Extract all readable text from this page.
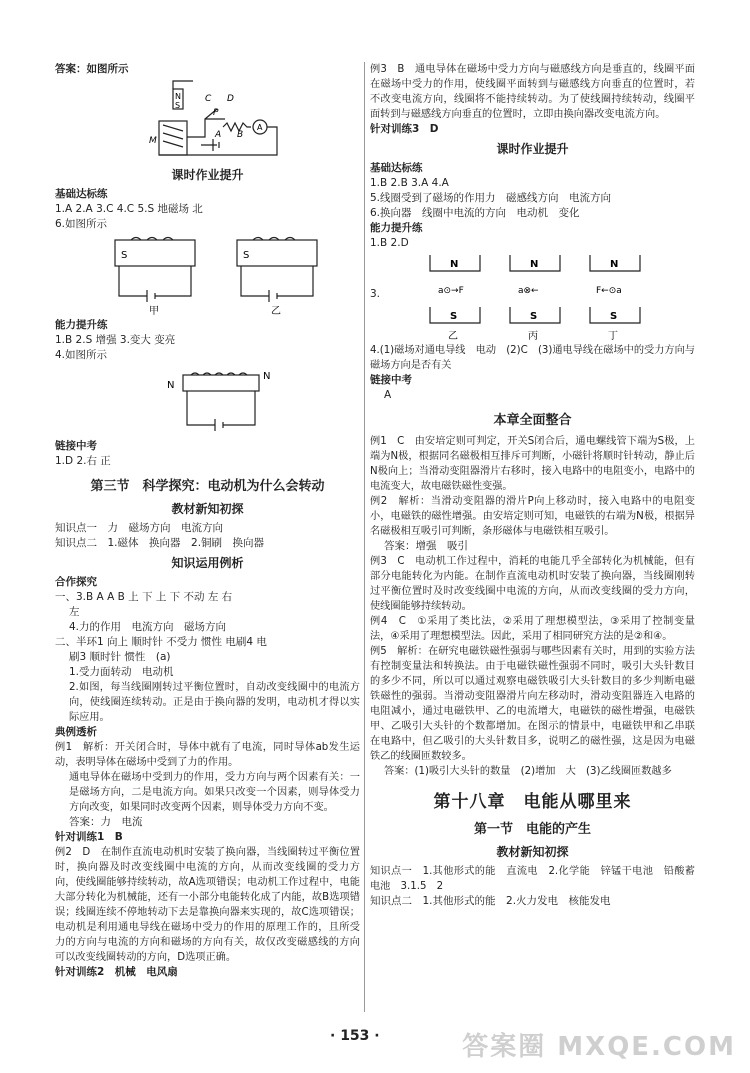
答案：如图所示

N
S
C D
P
A B
M
A

课时作业提升

基础达标练

1.A 2.A 3.C 4.C 5.S 地磁场 北

6.如图所示

S	S
甲	乙

能力提升练

1.B 2.S 增强 3.变大 变亮

4.如图所示

N
N

链接中考

1.D 2.右 正

第三节　科学探究：电动机为什么会转动

教材新知初探

知识点一　力　磁场方向　电流方向

知识点二　1.磁体　换向器　2.铜刷　换向器

知识运用例析

合作探究

一、3.B A A B 上 下 上 下 不动 左 右

左

4.力的作用　电流方向　磁场方向

二、半环1 向上 顺时针 不受力 惯性 电刷4 电

刷3 顺时针 惯性　(a)

1.受力面转动　电动机

2.如图，每当线圈刚转过平衡位置时，自动改变线圈中的电流方向，使线圈连续转动。正是由于换向器的发明，电动机才得以实际应用。

典例透析

例1　解析：开关闭合时，导体中就有了电流，同时导体ab发生运动，表明导体在磁场中受到了力的作用。

通电导体在磁场中受到力的作用，受力方向与两个因素有关：一是磁场方向，二是电流方向。如果只改变一个因素，则导体受力方向改变，如果同时改变两个因素，则导体受力方向不变。

答案：力　电流

针对训练1　B

例2　D　在制作直流电动机时安装了换向器，当线圈转过平衡位置时，换向器及时改变线圈中电流的方向，从而改变线圈的受力方向，使线圈能够持续转动，故A选项错误；电动机工作过程中，电能大部分转化为机械能，还有一小部分电能转化成了内能，故B选项错误；线圈连续不停地转动下去是靠换向器来实现的，故C选项错误；电动机是利用通电导线在磁场中受力的作用的原理工作的，且所受力的方向与电流的方向和磁场的方向有关，故仅改变磁感线的方向可以改变线圈转动的方向，D选项正确。

针对训练2　机械　电风扇

例3　B　通电导体在磁场中受力方向与磁感线方向是垂直的，线圈平面在磁场中受力的作用，使线圈平面转到与磁感线方向垂直的位置时，若不改变电流方向，线圈将不能持续转动。为了使线圈持续转动，线圈平面转到与磁感线方向垂直的位置时，立即由换向器改变电流方向。

针对训练3　D

课时作业提升

基础达标练

1.B 2.B 3.A 4.A

5.线圈受到了磁场的作用力　磁感线方向　电流方向

6.换向器　线圈中电流的方向　电动机　变化

能力提升练

1.B 2.D

3.
N	N	N
a⊙→F	a⊗←	F←⊙a
S	S	S
乙	丙	丁

4.(1)磁场对通电导线　电动　(2)C　(3)通电导线在磁场中的受力方向与磁场方向是否有关

链接中考

A

本章全面整合

例1　C　由安培定则可判定，开关S闭合后，通电螺线管下端为S极，上端为N极，根据同名磁极相互排斥可判断，小磁针将顺时针转动，静止后N极向上；当滑动变阻器滑片右移时，接入电路中的电阻变小，电路中的电流变大，故电磁铁磁性变强。

例2　解析：当滑动变阻器的滑片P向上移动时，接入电路中的电阻变小，电磁铁的磁性增强。由安培定则可知，电磁铁的右端为N极，根据异名磁极相互吸引可判断，条形磁体与电磁铁相互吸引。

答案：增强　吸引

例3　C　电动机工作过程中，消耗的电能几乎全部转化为机械能，但有部分电能转化为内能。在制作直流电动机时安装了换向器，当线圈刚转过平衡位置时及时改变线圈中电流的方向，从而改变线圈的受力方向，使线圈能够持续转动。

例4　C　①采用了类比法，②采用了理想模型法，③采用了控制变量法，④采用了理想模型法。因此，采用了相同研究方法的是②和④。

例5　解析：在研究电磁铁磁性强弱与哪些因素有关时，用到的实验方法有控制变量法和转换法。由于电磁铁磁性强弱不同时，吸引大头针数目的多少不同，所以可以通过观察电磁铁吸引大头针数目的多少判断电磁铁磁性的强弱。当滑动变阻器滑片向左移动时，滑动变阻器连入电路的电阻减小，通过电磁铁甲、乙的电流增大，电磁铁的磁性增强，电磁铁甲、乙吸引大头针的个数都增加。在图示的情景中，电磁铁甲和乙串联在电路中，但乙吸引的大头针数目多，说明乙的磁性强，这是因为电磁铁乙的线圈匝数较多。

答案：(1)吸引大头针的数量　(2)增加　大　(3)乙线圈匝数越多

第十八章　电能从哪里来

第一节　电能的产生

教材新知初探

知识点一　1.其他形式的能　直流电　2.化学能　锌锰干电池　铅酸蓄电池　3.1.5　2

知识点二　1.其他形式的能　2.火力发电　核能发电

· 153 ·	答案圈 MXQE.COM
